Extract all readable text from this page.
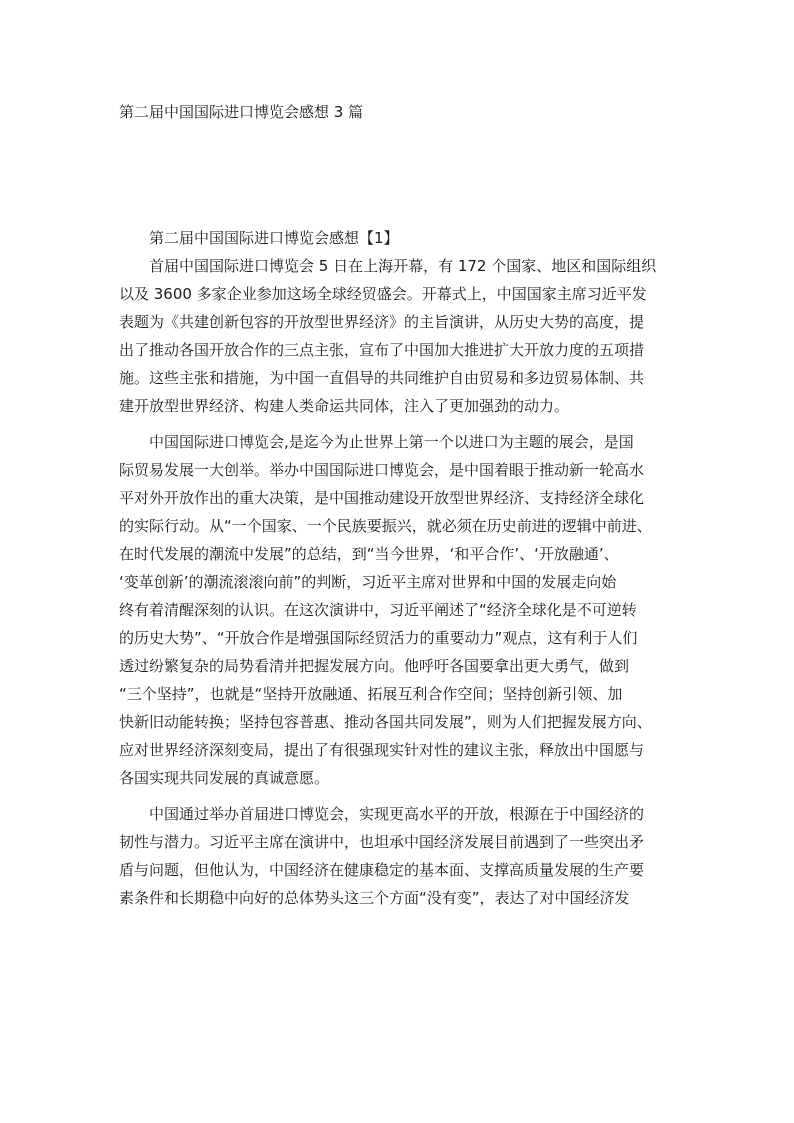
第二届中国国际进口博览会感想 3 篇
第二届中国国际进口博览会感想【1】
首届中国国际进口博览会 5 日在上海开幕，有 172 个国家、地区和国际组织
以及 3600 多家企业参加这场全球经贸盛会。开幕式上，中国国家主席习近平发
表题为《共建创新包容的开放型世界经济》的主旨演讲，从历史大势的高度，提
出了推动各国开放合作的三点主张，宣布了中国加大推进扩大开放力度的五项措
施。这些主张和措施，为中国一直倡导的共同维护自由贸易和多边贸易体制、共
建开放型世界经济、构建人类命运共同体，注入了更加强劲的动力。
中国国际进口博览会,是迄今为止世界上第一个以进口为主题的展会，是国
际贸易发展一大创举。举办中国国际进口博览会，是中国着眼于推动新一轮高水
平对外开放作出的重大决策，是中国推动建设开放型世界经济、支持经济全球化
的实际行动。从“一个国家、一个民族要振兴，就必须在历史前进的逻辑中前进、
在时代发展的潮流中发展”的总结，到“当今世界，‘和平合作’、‘开放融通’、
‘变革创新’的潮流滚滚向前”的判断，习近平主席对世界和中国的发展走向始
终有着清醒深刻的认识。在这次演讲中，习近平阐述了“经济全球化是不可逆转
的历史大势”、“开放合作是增强国际经贸活力的重要动力”观点，这有利于人们
透过纷繁复杂的局势看清并把握发展方向。他呼吁各国要拿出更大勇气，做到
“三个坚持”，也就是“坚持开放融通、拓展互利合作空间；坚持创新引领、加
快新旧动能转换；坚持包容普惠、推动各国共同发展”，则为人们把握发展方向、
应对世界经济深刻变局，提出了有很强现实针对性的建议主张，释放出中国愿与
各国实现共同发展的真诚意愿。
中国通过举办首届进口博览会，实现更高水平的开放，根源在于中国经济的
韧性与潜力。习近平主席在演讲中，也坦承中国经济发展目前遇到了一些突出矛
盾与问题，但他认为，中国经济在健康稳定的基本面、支撑高质量发展的生产要
素条件和长期稳中向好的总体势头这三个方面“没有变”，表达了对中国经济发
